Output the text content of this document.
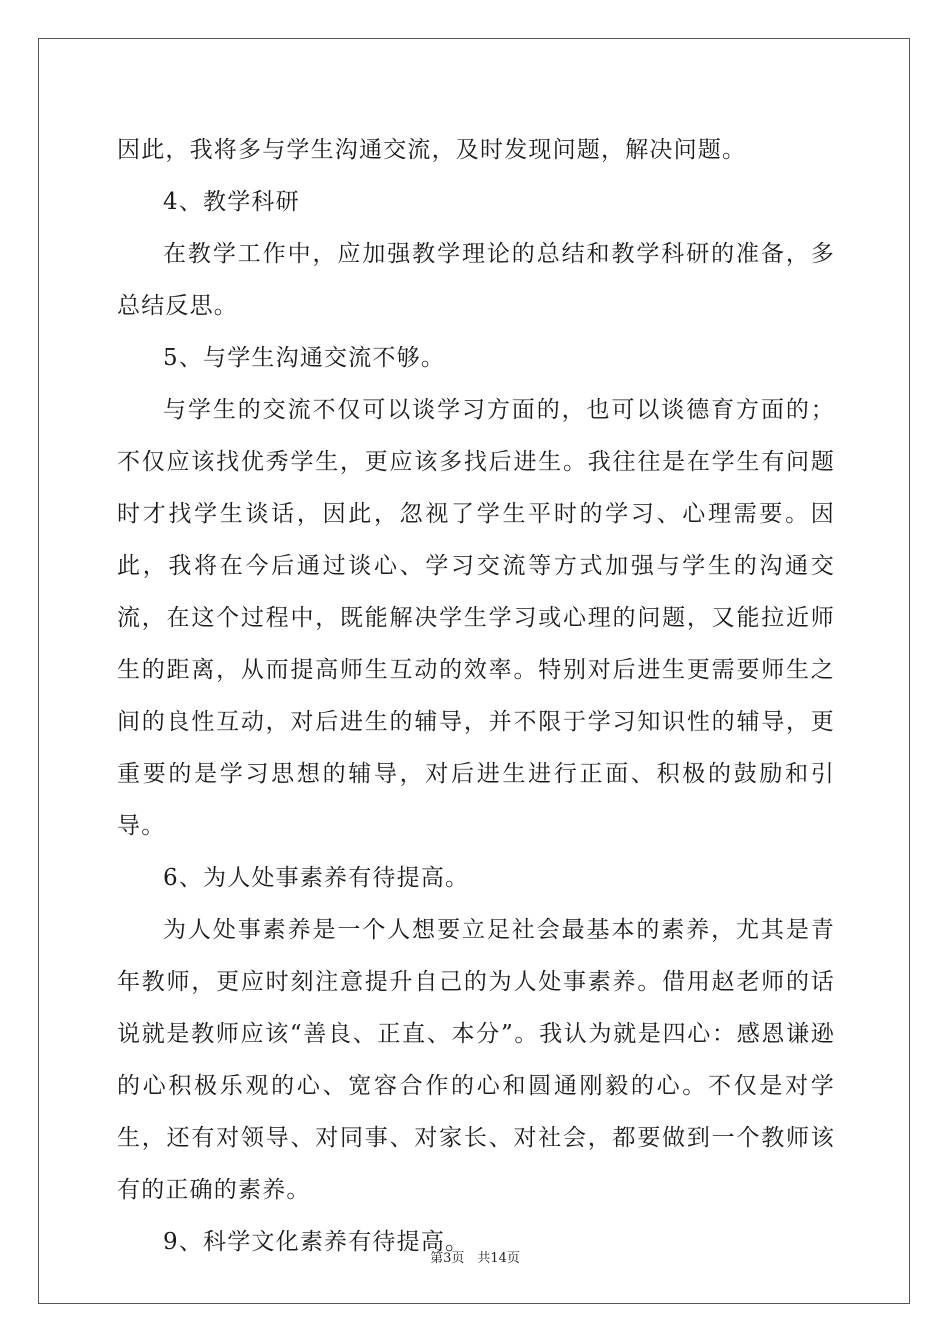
因此，我将多与学生沟通交流，及时发现问题，解决问题。

4、教学科研

在教学工作中，应加强教学理论的总结和教学科研的准备，多总结反思。

5、与学生沟通交流不够。

与学生的交流不仅可以谈学习方面的，也可以谈德育方面的；不仅应该找优秀学生，更应该多找后进生。我往往是在学生有问题时才找学生谈话，因此，忽视了学生平时的学习、心理需要。因此，我将在今后通过谈心、学习交流等方式加强与学生的沟通交流，在这个过程中，既能解决学生学习或心理的问题，又能拉近师生的距离，从而提高师生互动的效率。特别对后进生更需要师生之间的良性互动，对后进生的辅导，并不限于学习知识性的辅导，更重要的是学习思想的辅导，对后进生进行正面、积极的鼓励和引导。

6、为人处事素养有待提高。

为人处事素养是一个人想要立足社会最基本的素养，尤其是青年教师，更应时刻注意提升自己的为人处事素养。借用赵老师的话说就是教师应该“善良、正直、本分”。我认为就是四心：感恩谦逊的心积极乐观的心、宽容合作的心和圆通刚毅的心。不仅是对学生，还有对领导、对同事、对家长、对社会，都要做到一个教师该有的正确的素养。

9、科学文化素养有待提高。

第3页　共14页
